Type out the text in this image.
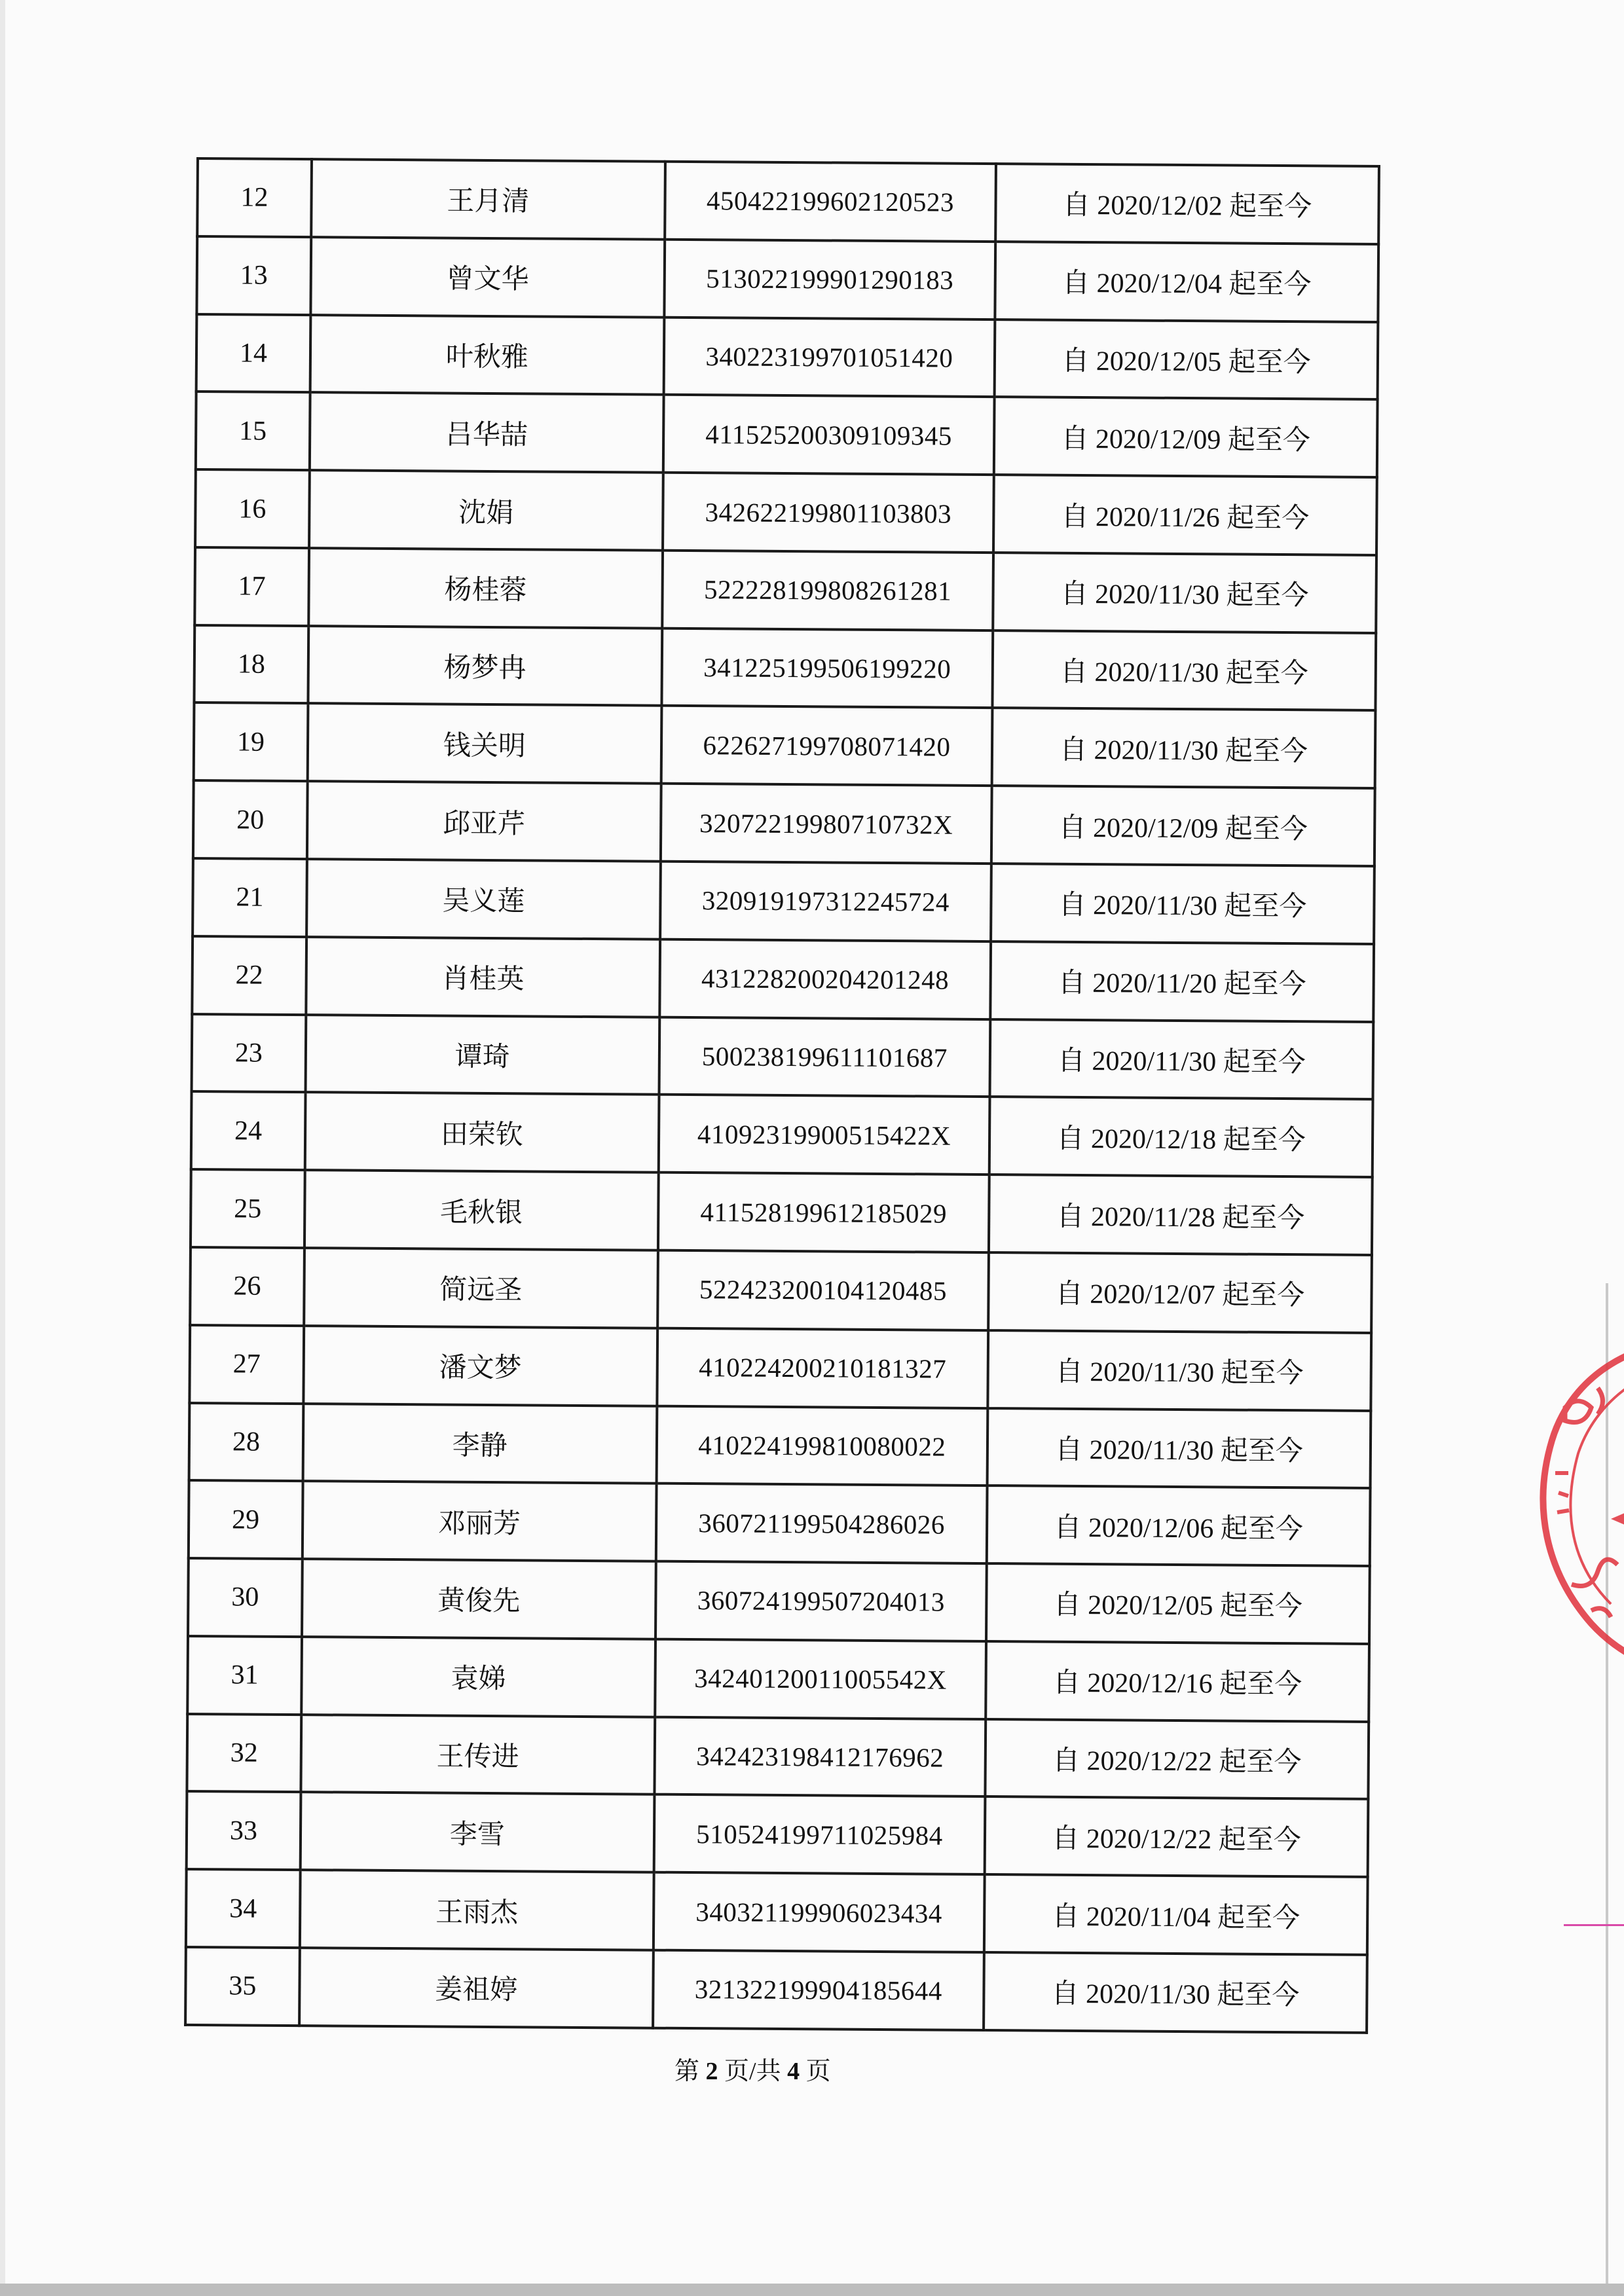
12	王月清	450422199602120523	自 2020/12/02 起至今
13	曾文华	513022199901290183	自 2020/12/04 起至今
14	叶秋雅	340223199701051420	自 2020/12/05 起至今
15	吕华喆	411525200309109345	自 2020/12/09 起至今
16	沈娟	342622199801103803	自 2020/11/26 起至今
17	杨桂蓉	522228199808261281	自 2020/11/30 起至今
18	杨梦冉	341225199506199220	自 2020/11/30 起至今
19	钱关明	622627199708071420	自 2020/11/30 起至今
20	邱亚芹	32072219980710732X	自 2020/12/09 起至今
21	吴义莲	320919197312245724	自 2020/11/30 起至今
22	肖桂英	431228200204201248	自 2020/11/20 起至今
23	谭琦	500238199611101687	自 2020/11/30 起至今
24	田荣钦	41092319900515422X	自 2020/12/18 起至今
25	毛秋银	411528199612185029	自 2020/11/28 起至今
26	简远圣	522423200104120485	自 2020/12/07 起至今
27	潘文梦	410224200210181327	自 2020/11/30 起至今
28	李静	410224199810080022	自 2020/11/30 起至今
29	邓丽芳	360721199504286026	自 2020/12/06 起至今
30	黄俊先	360724199507204013	自 2020/12/05 起至今
31	袁娣	34240120011005542X	自 2020/12/16 起至今
32	王传进	342423198412176962	自 2020/12/22 起至今
33	李雪	510524199711025984	自 2020/12/22 起至今
34	王雨杰	340321199906023434	自 2020/11/04 起至今
35	姜祖婷	321322199904185644	自 2020/11/30 起至今
第 2 页/共 4 页
